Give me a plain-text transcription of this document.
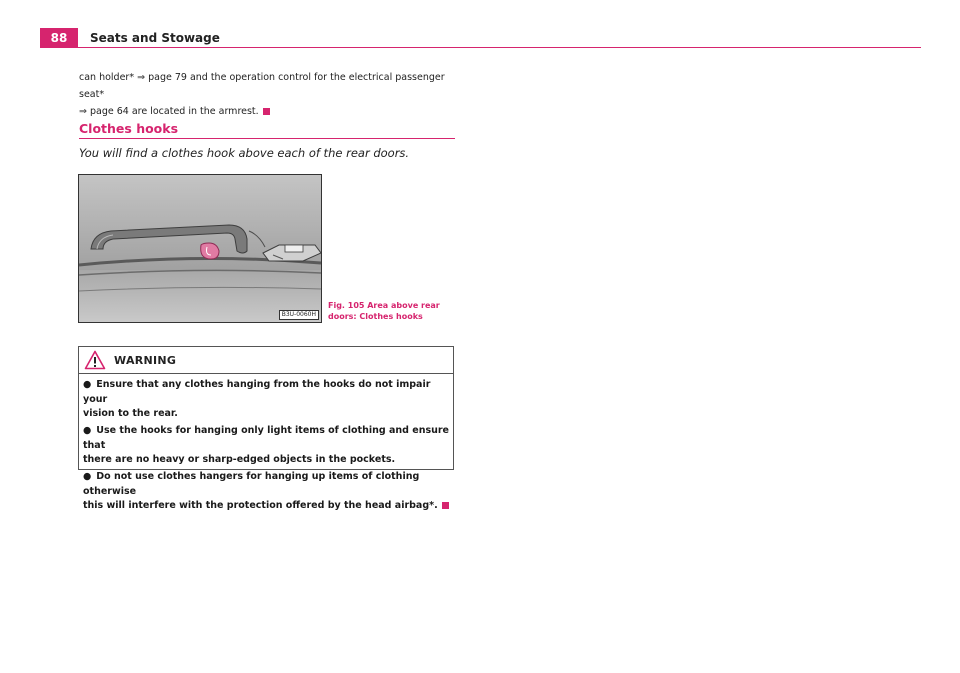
88	Seats and Stowage
can holder* ⇒ page 79 and the operation control for the electrical passenger seat*
⇒ page 64 are located in the armrest.
Clothes hooks
You will find a clothes hook above each of the rear doors.
B3U-0060H
Fig. 105 Area above rear
doors: Clothes hooks
WARNING
● Ensure that any clothes hanging from the hooks do not impair your
vision to the rear.
● Use the hooks for hanging only light items of clothing and ensure that
there are no heavy or sharp-edged objects in the pockets.
● Do not use clothes hangers for hanging up items of clothing otherwise
this will interfere with the protection offered by the head airbag*.
